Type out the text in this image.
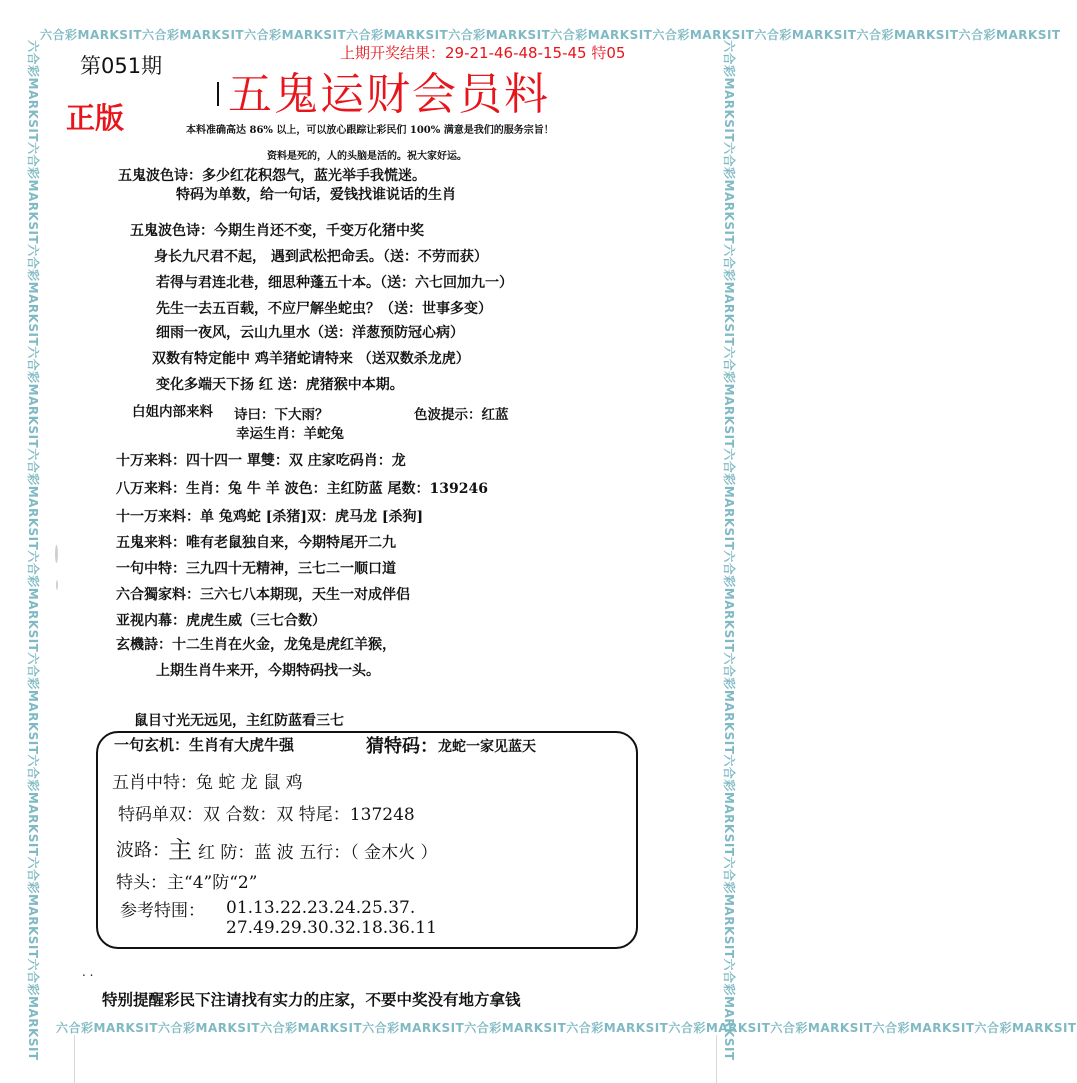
六合彩MARKSIT六合彩MARKSIT六合彩MARKSIT六合彩MARKSIT六合彩MARKSIT六合彩MARKSIT六合彩MARKSIT六合彩MARKSIT六合彩MARKSIT六合彩MARKSIT
六合彩MARKSIT六合彩MARKSIT六合彩MARKSIT六合彩MARKSIT六合彩MARKSIT六合彩MARKSIT六合彩MARKSIT六合彩MARKSIT六合彩MARKSIT六合彩MARKSIT
六合彩MARKSIT六合彩MARKSIT六合彩MARKSIT六合彩MARKSIT六合彩MARKSIT六合彩MARKSIT六合彩MARKSIT六合彩MARKSIT六合彩MARKSIT六合彩MARKSIT	六合彩MARKSIT六合彩MARKSIT六合彩MARKSIT六合彩MARKSIT六合彩MARKSIT六合彩MARKSIT六合彩MARKSIT六合彩MARKSIT六合彩MARKSIT六合彩MARKSIT
第051期
五鬼运财会员料
正版
上期开奖结果：29-21-46-48-15-45 特05
本料准确高达 86% 以上，可以放心跟踪让彩民们 100% 满意是我们的服务宗旨！
资料是死的，人的头脑是活的。祝大家好运。
五鬼波色诗：多少红花积怨气，蓝光举手我慌迷。
特码为单数，给一句话，爱钱找谁说话的生肖
五鬼波色诗：今期生肖还不变，千变万化猪中奖
身长九尺君不起， 遇到武松把命丢。（送：不劳而获）
若得与君连北巷，细思种蓬五十本。（送：六七回加九一）
先生一去五百载，不应尸解坐蛇虫？（送：世事多变）
细雨一夜风，云山九里水（送：洋葱预防冠心病）
双数有特定能中 鸡羊猪蛇请特来 （送双数杀龙虎）
变化多端天下扬 红 送：虎猪猴中本期。
白姐内部来料 诗曰：下大雨？	色波提示：红蓝
幸运生肖：羊蛇兔
十万来料：四十四一 單雙：双 庄家吃码肖：龙
八万来料：生肖：兔 牛 羊 波色：主红防蓝 尾数：139246
十一万来料：单 兔鸡蛇 [杀猪]双：虎马龙 [杀狗]
五鬼来料：唯有老鼠独自来，今期特尾开二九
一句中特：三九四十无精神，三七二一顺口道
六合獨家料：三六七八本期现，天生一对成伴侣
亚视内幕：虎虎生威（三七合数）
玄機詩：十二生肖在火金，龙兔是虎红羊猴，
上期生肖牛来开，今期特码找一头。
鼠目寸光无远见，主红防蓝看三七
一句玄机：生肖有大虎牛强	猜特码： 龙蛇一家见蓝天
五肖中特： 兔 蛇 龙 鼠 鸡
特码单双：双 合数：双 特尾：137248
波路：
主 红 防：蓝 波 五行：（ 金木火 ）
特头：主“4”防“2”
参考特围： 01.13.22.23.24.25.37.
27.49.29.30.32.18.36.11
. .
特别提醒彩民下注请找有实力的庄家，不要中奖没有地方拿钱
